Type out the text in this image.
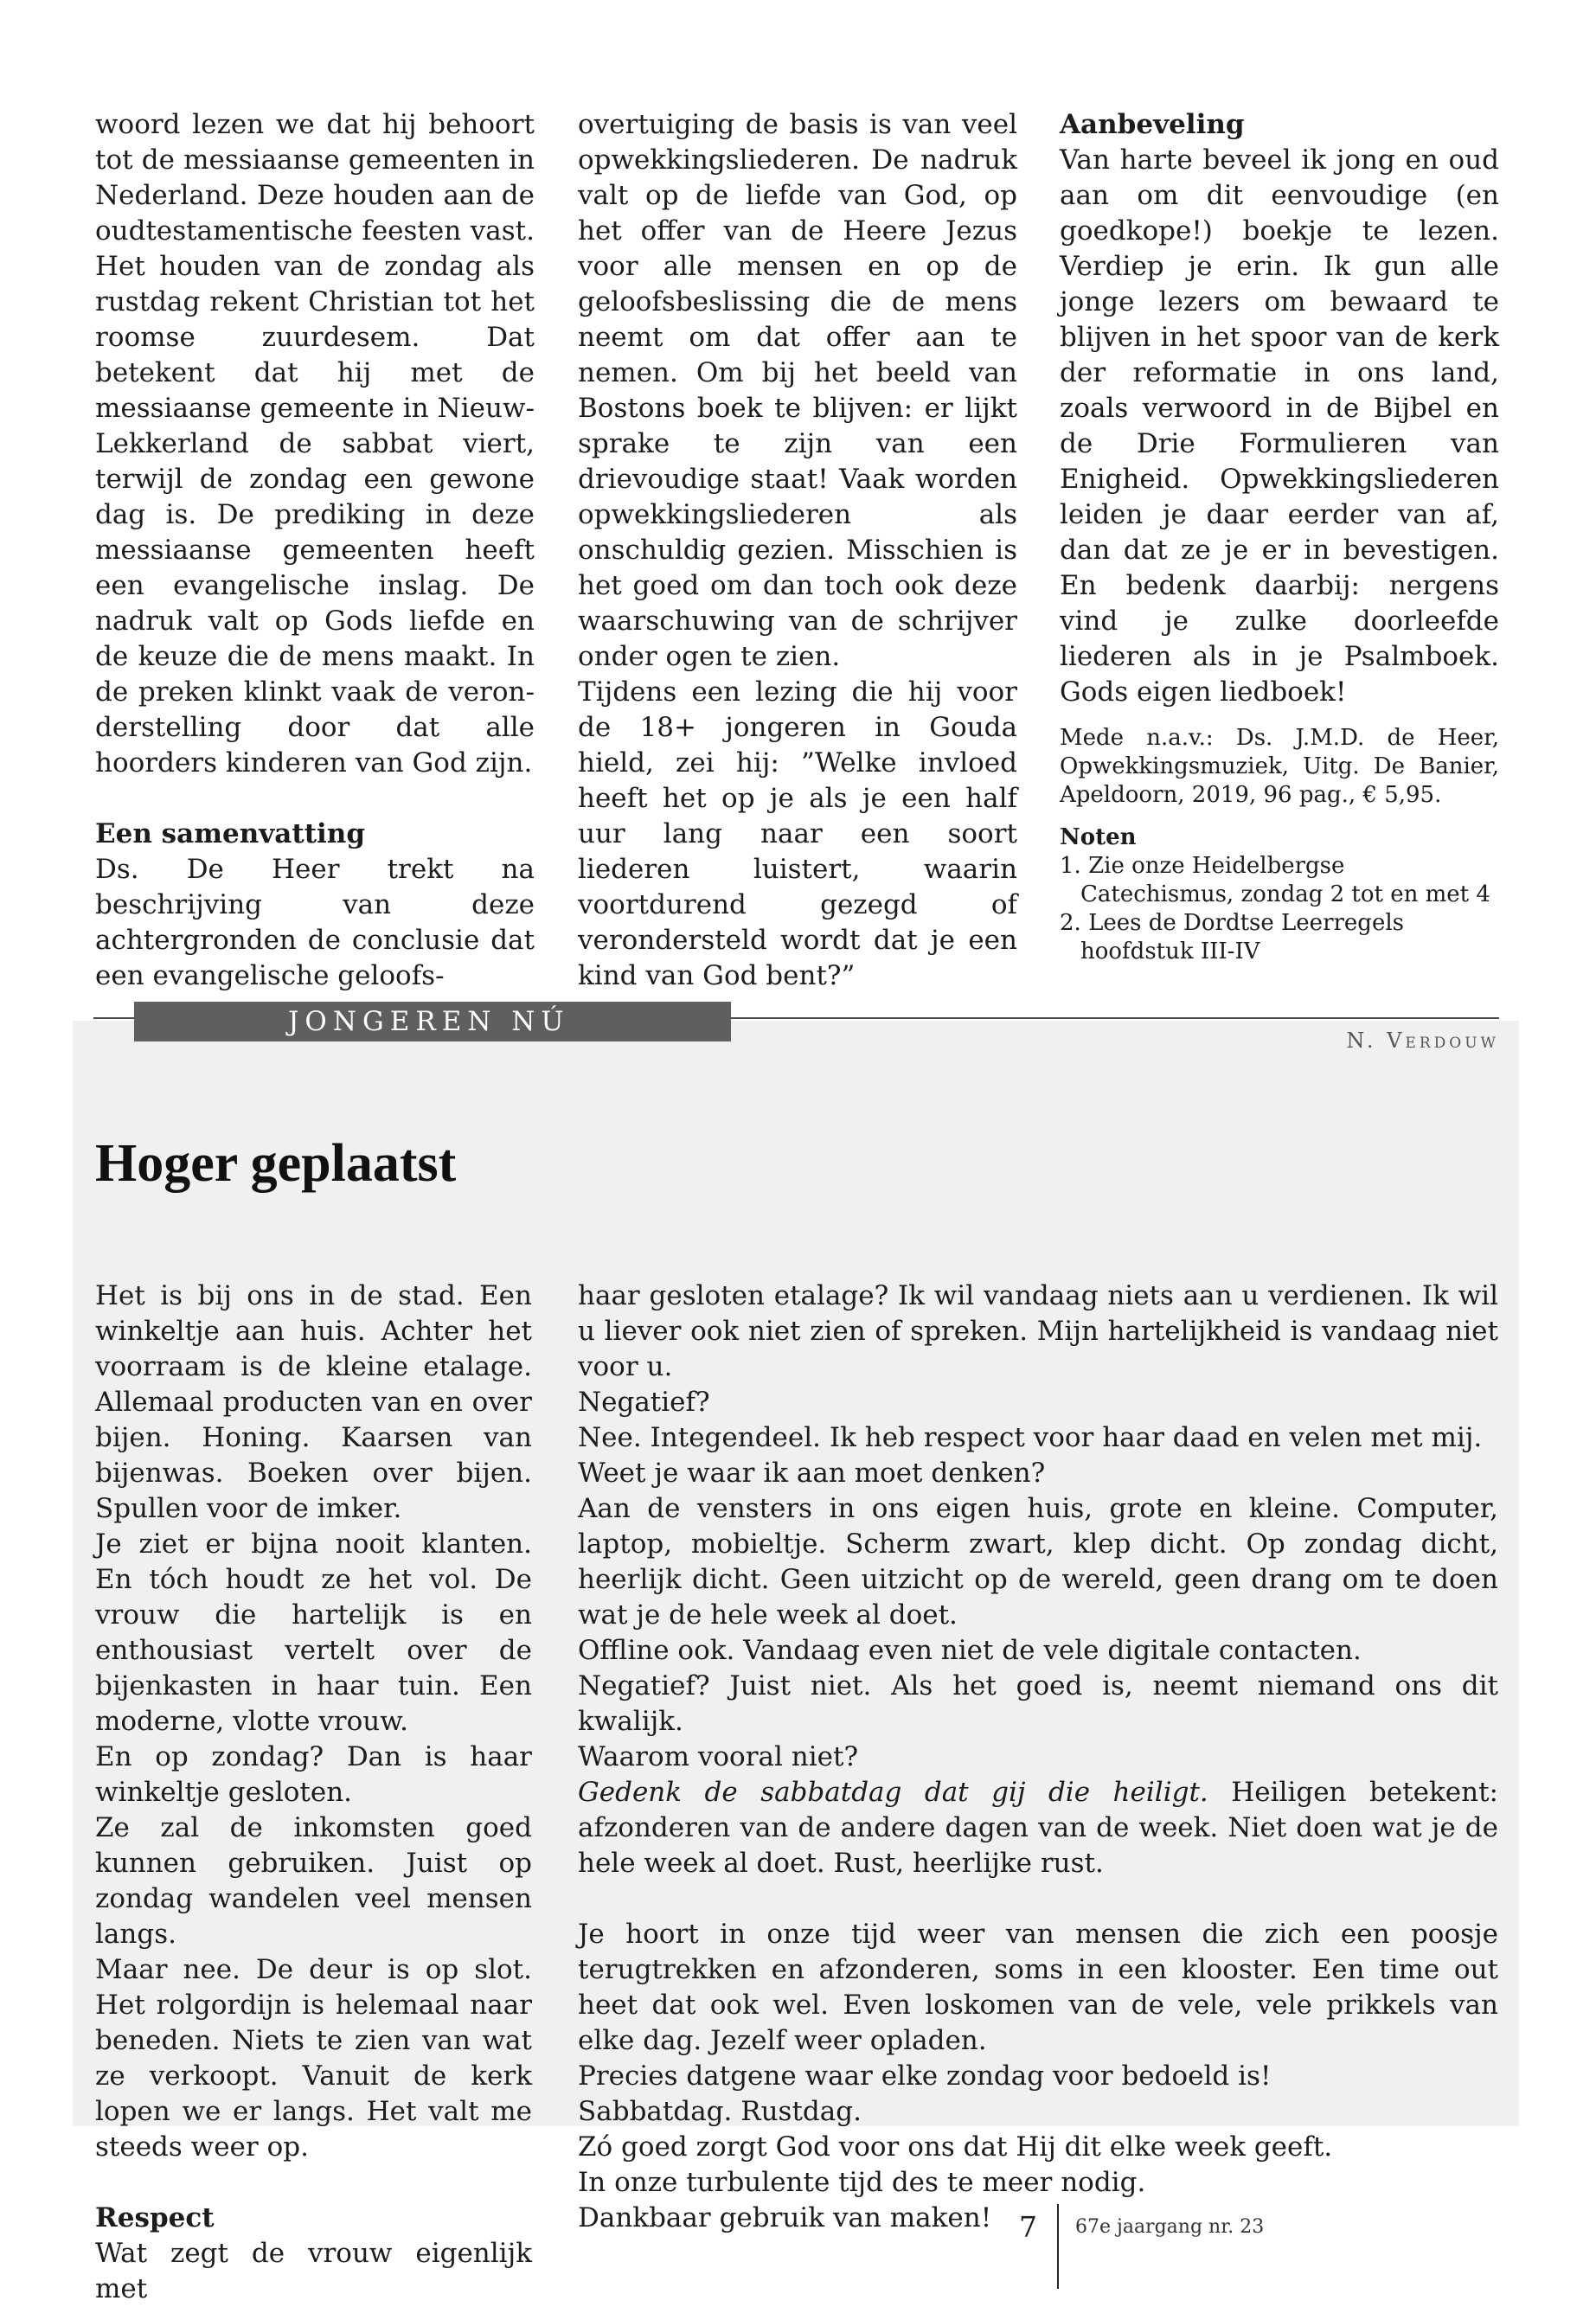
woord lezen we dat hij behoort tot de messiaanse gemeenten in Nederland. Deze houden aan de oudtestamentische feesten vast. Het houden van de zondag als rustdag rekent Christian tot het roomse zuurdesem. Dat betekent dat hij met de messiaanse gemeente in Nieuw-Lekkerland de sabbat viert, terwijl de zondag een gewone dag is. De prediking in deze messiaanse gemeenten heeft een evangelische inslag. De nadruk valt op Gods liefde en de keuze die de mens maakt. In de preken klinkt vaak de veronderstelling door dat alle hoorders kinderen van God zijn.

Een samenvatting

Ds. De Heer trekt na beschrijving van deze achtergronden de conclusie dat een evangelische geloofs-

overtuiging de basis is van veel opwekkingsliederen. De nadruk valt op de liefde van God, op het offer van de Heere Jezus voor alle mensen en op de geloofsbeslissing die de mens neemt om dat offer aan te nemen. Om bij het beeld van Bostons boek te blijven: er lijkt sprake te zijn van een drievoudige staat! Vaak worden opwekkingsliederen als onschuldig gezien. Misschien is het goed om dan toch ook deze waarschuwing van de schrijver onder ogen te zien.

Tijdens een lezing die hij voor de 18+ jongeren in Gouda hield, zei hij: ”Welke invloed heeft het op je als je een half uur lang naar een soort liederen luistert, waarin voortdurend gezegd of verondersteld wordt dat je een kind van God bent?”

Aanbeveling

Van harte beveel ik jong en oud aan om dit eenvoudige (en goedkope!) boekje te lezen. Verdiep je erin. Ik gun alle jonge lezers om bewaard te blijven in het spoor van de kerk der reformatie in ons land, zoals verwoord in de Bijbel en de Drie Formulieren van Enigheid. Opwekkingsliederen leiden je daar eerder van af, dan dat ze je er in bevestigen. En bedenk daarbij: nergens vind je zulke doorleefde liederen als in je Psalmboek. Gods eigen liedboek!

Mede n.a.v.: Ds. J.M.D. de Heer, Opwekkingsmuziek, Uitg. De Banier, Apeldoorn, 2019, 96 pag., € 5,95.

Noten

1. Zie onze Heidelbergse Catechismus, zondag 2 tot en met 4
2. Lees de Dordtse Leerregels hoofdstuk III-IV
JONGEREN NÚ
N. Verdouw
Hoger geplaatst

Het is bij ons in de stad. Een winkeltje aan huis. Achter het voorraam is de kleine etalage. Allemaal producten van en over bijen. Honing. Kaarsen van bijenwas. Boeken over bijen. Spullen voor de imker.

Je ziet er bijna nooit klanten. En tóch houdt ze het vol. De vrouw die hartelijk is en enthousiast vertelt over de bijenkasten in haar tuin. Een moderne, vlotte vrouw.

En op zondag? Dan is haar winkeltje gesloten.

Ze zal de inkomsten goed kunnen gebruiken. Juist op zondag wandelen veel mensen langs.

Maar nee. De deur is op slot. Het rolgordijn is helemaal naar beneden. Niets te zien van wat ze verkoopt. Vanuit de kerk lopen we er langs. Het valt me steeds weer op.

Respect

Wat zegt de vrouw eigenlijk met

haar gesloten etalage? Ik wil vandaag niets aan u verdienen. Ik wil u liever ook niet zien of spreken. Mijn hartelijkheid is vandaag niet voor u.

Negatief?

Nee. Integendeel. Ik heb respect voor haar daad en velen met mij.

Weet je waar ik aan moet denken?

Aan de vensters in ons eigen huis, grote en kleine. Computer, laptop, mobieltje. Scherm zwart, klep dicht. Op zondag dicht, heerlijk dicht. Geen uitzicht op de wereld, geen drang om te doen wat je de hele week al doet.

Offline ook. Vandaag even niet de vele digitale contacten.

Negatief? Juist niet. Als het goed is, neemt niemand ons dit kwalijk.

Waarom vooral niet?

Gedenk de sabbatdag dat gij die heiligt. Heiligen betekent: afzonderen van de andere dagen van de week. Niet doen wat je de hele week al doet. Rust, heerlijke rust.

Je hoort in onze tijd weer van mensen die zich een poosje terugtrekken en afzonderen, soms in een klooster. Een time out heet dat ook wel. Even loskomen van de vele, vele prikkels van elke dag. Jezelf weer opladen.

Precies datgene waar elke zondag voor bedoeld is!

Sabbatdag. Rustdag.

Zó goed zorgt God voor ons dat Hij dit elke week geeft.

In onze turbulente tijd des te meer nodig.

Dankbaar gebruik van maken! 7 67e jaargang nr. 23
